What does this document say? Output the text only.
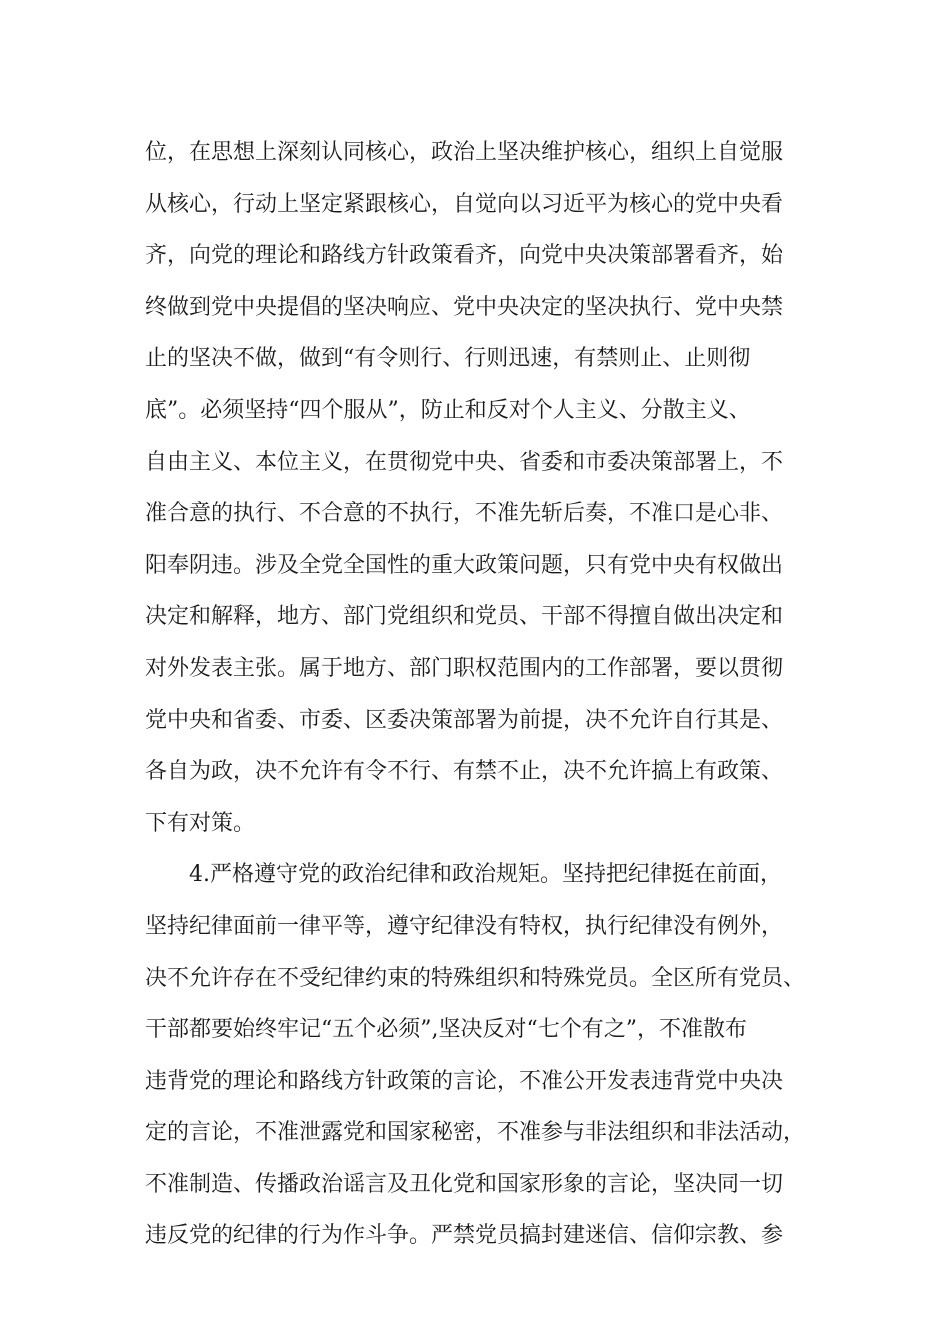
位，在思想上深刻认同核心，政治上坚决维护核心，组织上自觉服
从核心，行动上坚定紧跟核心，自觉向以习近平为核心的党中央看
齐，向党的理论和路线方针政策看齐，向党中央决策部署看齐，始
终做到党中央提倡的坚决响应、党中央决定的坚决执行、党中央禁
止的坚决不做，做到“有令则行、行则迅速，有禁则止、止则彻
底”。必须坚持“四个服从”，防止和反对个人主义、分散主义、
自由主义、本位主义，在贯彻党中央、省委和市委决策部署上，不
准合意的执行、不合意的不执行，不准先斩后奏，不准口是心非、
阳奉阴违。涉及全党全国性的重大政策问题，只有党中央有权做出
决定和解释，地方、部门党组织和党员、干部不得擅自做出决定和
对外发表主张。属于地方、部门职权范围内的工作部署，要以贯彻
党中央和省委、市委、区委决策部署为前提，决不允许自行其是、
各自为政，决不允许有令不行、有禁不止，决不允许搞上有政策、
下有对策。
4.严格遵守党的政治纪律和政治规矩。坚持把纪律挺在前面，
坚持纪律面前一律平等，遵守纪律没有特权，执行纪律没有例外，
决不允许存在不受纪律约束的特殊组织和特殊党员。全区所有党员、
干部都要始终牢记“五个必须”,坚决反对“七个有之”，不准散布
违背党的理论和路线方针政策的言论，不准公开发表违背党中央决
定的言论，不准泄露党和国家秘密，不准参与非法组织和非法活动，
不准制造、传播政治谣言及丑化党和国家形象的言论，坚决同一切
违反党的纪律的行为作斗争。严禁党员搞封建迷信、信仰宗教、参
